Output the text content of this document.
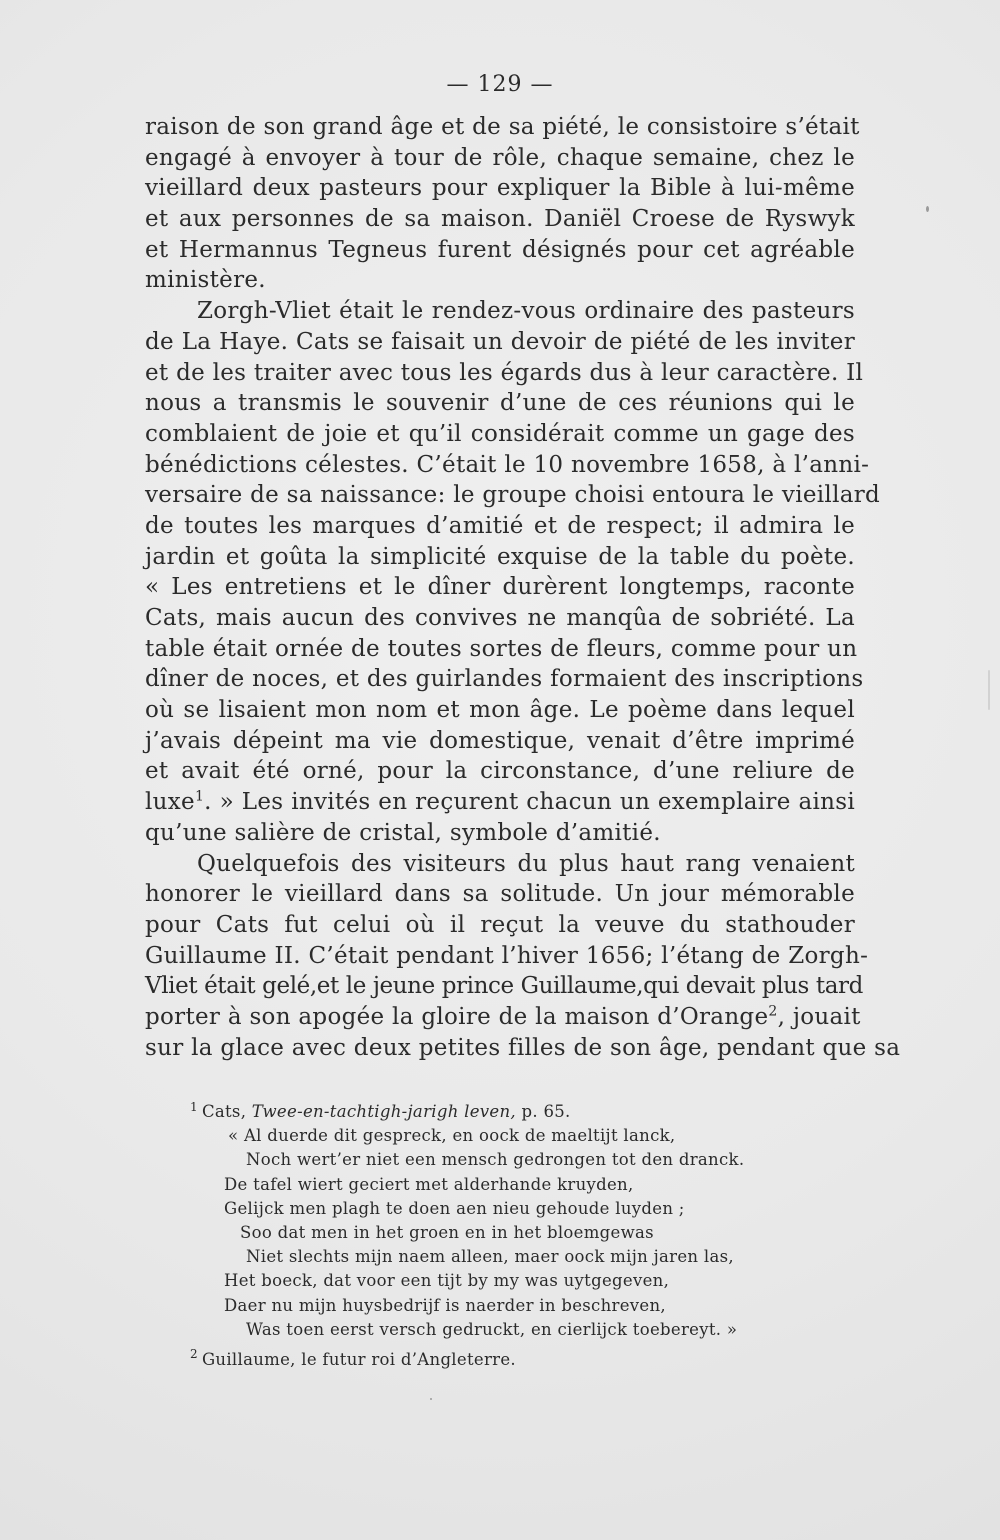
— 129 —
raison de son grand âge et de sa piété, le consistoire s’était
engagé à envoyer à tour de rôle, chaque semaine, chez le
vieillard deux pasteurs pour expliquer la Bible à lui-même
et aux personnes de sa maison. Daniël Croese de Ryswyk
et Hermannus Tegneus furent désignés pour cet agréable
ministère.
Zorgh-Vliet était le rendez-vous ordinaire des pasteurs
de La Haye. Cats se faisait un devoir de piété de les inviter
et de les traiter avec tous les égards dus à leur caractère. Il
nous a transmis le souvenir d’une de ces réunions qui le
comblaient de joie et qu’il considérait comme un gage des
bénédictions célestes. C’était le 10 novembre 1658, à l’anni-
versaire de sa naissance: le groupe choisi entoura le vieillard
de toutes les marques d’amitié et de respect; il admira le
jardin et goûta la simplicité exquise de la table du poète.
« Les entretiens et le dîner durèrent longtemps, raconte
Cats, mais aucun des convives ne manqûa de sobriété. La
table était ornée de toutes sortes de fleurs, comme pour un
dîner de noces, et des guirlandes formaient des inscriptions
où se lisaient mon nom et mon âge. Le poème dans lequel
j’avais dépeint ma vie domestique, venait d’être imprimé
et avait été orné, pour la circonstance, d’une reliure de
luxe$^1$. » Les invités en reçurent chacun un exemplaire ainsi
qu’une salière de cristal, symbole d’amitié.
Quelquefois des visiteurs du plus haut rang venaient
honorer le vieillard dans sa solitude. Un jour mémorable
pour Cats fut celui où il reçut la veuve du stathouder
Guillaume II. C’était pendant l’hiver 1656; l’étang de Zorgh-
Vliet était gelé,et le jeune prince Guillaume,qui devait plus tard
porter à son apogée la gloire de la maison d’Orange$^2$, jouait
sur la glace avec deux petites filles de son âge, pendant que sa
$^1$ Cats, Twee-en-tachtigh-jarigh leven, p. 65.
« Al duerde dit gespreck, en oock de maeltijt lanck,
Noch wert’er niet een mensch gedrongen tot den dranck.
De tafel wiert geciert met alderhande kruyden,
Gelijck men plagh te doen aen nieu gehoude luyden ;
Soo dat men in het groen en in het bloemgewas
Niet slechts mijn naem alleen, maer oock mijn jaren las,
Het boeck, dat voor een tijt by my was uytgegeven,
Daer nu mijn huysbedrijf is naerder in beschreven,
Was toen eerst versch gedruckt, en cierlijck toebereyt. »
$^2$ Guillaume, le futur roi d’Angleterre.
